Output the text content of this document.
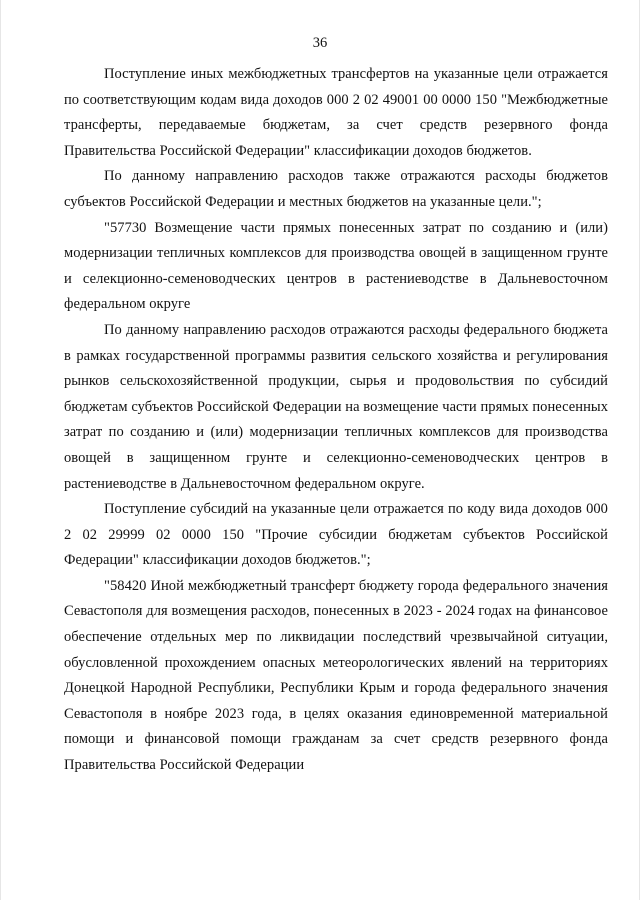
36

Поступление иных межбюджетных трансфертов на указанные цели отражается по соответствующим кодам вида доходов 000 2 02 49001 00 0000 150 "Межбюджетные трансферты, передаваемые бюджетам, за счет средств резервного фонда Правительства Российской Федерации" классификации доходов бюджетов.

По данному направлению расходов также отражаются расходы бюджетов субъектов Российской Федерации и местных бюджетов на указанные цели.";

"57730 Возмещение части прямых понесенных затрат по созданию и (или) модернизации тепличных комплексов для производства овощей в защищенном грунте и селекционно-семеноводческих центров в растениеводстве в Дальневосточном федеральном округе

По данному направлению расходов отражаются расходы федерального бюджета в рамках государственной программы развития сельского хозяйства и регулирования рынков сельскохозяйственной продукции, сырья и продовольствия по субсидий бюджетам субъектов Российской Федерации на возмещение части прямых понесенных затрат по созданию и (или) модернизации тепличных комплексов для производства овощей в защищенном грунте и селекционно-семеноводческих центров в растениеводстве в Дальневосточном федеральном округе.

Поступление субсидий на указанные цели отражается по коду вида доходов 000 2 02 29999 02 0000 150 "Прочие субсидии бюджетам субъектов Российской Федерации" классификации доходов бюджетов.";

"58420 Иной межбюджетный трансферт бюджету города федерального значения Севастополя для возмещения расходов, понесенных в 2023 - 2024 годах на финансовое обеспечение отдельных мер по ликвидации последствий чрезвычайной ситуации, обусловленной прохождением опасных метеорологических явлений на территориях Донецкой Народной Республики, Республики Крым и города федерального значения Севастополя в ноябре 2023 года, в целях оказания единовременной материальной помощи и финансовой помощи гражданам за счет средств резервного фонда Правительства Российской Федерации
